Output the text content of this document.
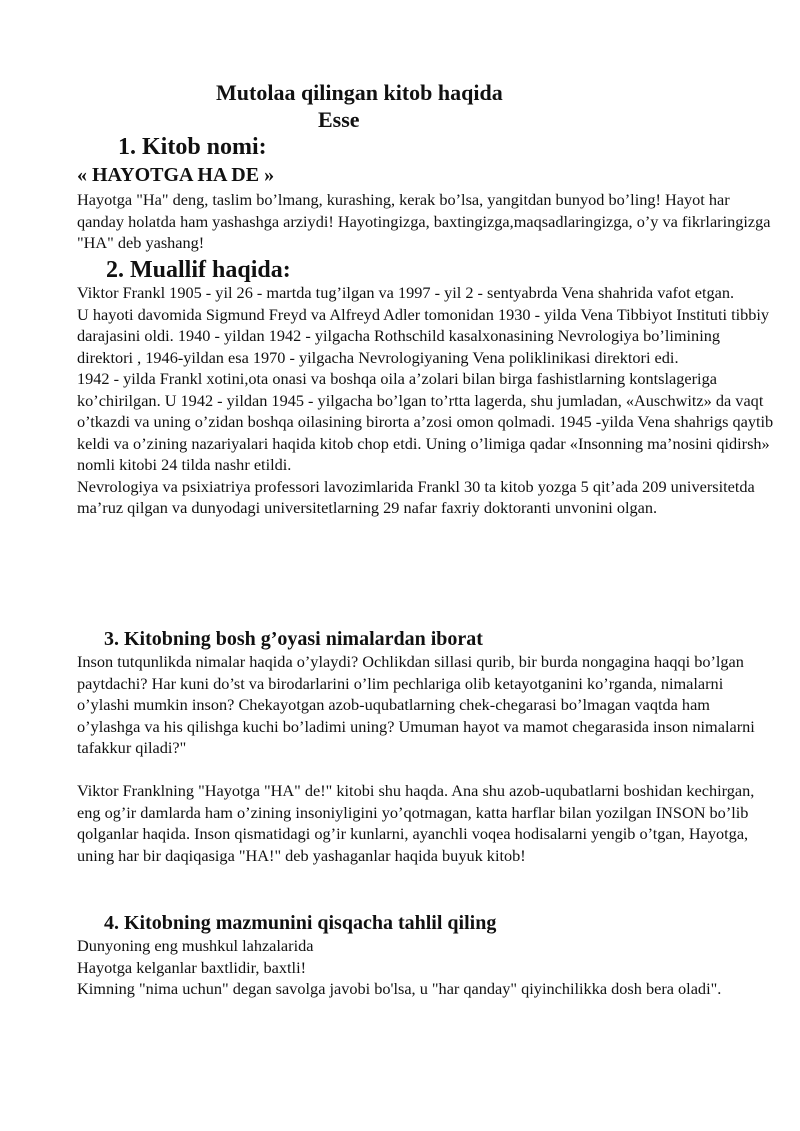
Mutolaa qilingan kitob haqida
Esse
1. Kitob nomi:
« HAYOTGA HA DE »

Hayotga "Ha" deng, taslim bo’lmang, kurashing, kerak bo’lsa, yangitdan bunyod bo’ling! Hayot har qanday holatda ham yashashga arziydi! Hayotingizga, baxtingizga,maqsadlaringizga, o’y va fikrlaringizga "HA" deb yashang!

2. Muallif haqida:

Viktor Frankl 1905 - yil 26 - martda tug’ilgan va 1997 - yil 2 - sentyabrda Vena shahrida vafot etgan.

U hayoti davomida Sigmund Freyd va Alfreyd Adler tomonidan 1930 - yilda Vena Tibbiyot Instituti tibbiy darajasini oldi. 1940 - yildan 1942 - yilgacha Rothschild kasalxonasining Nevrologiya bo’limining direktori , 1946-yildan esa 1970 - yilgacha Nevrologiyaning Vena poliklinikasi direktori edi.

1942 - yilda Frankl xotini,ota onasi va boshqa oila a’zolari bilan birga fashistlarning kontslageriga ko’chirilgan. U 1942 - yildan 1945 - yilgacha bo’lgan to’rtta lagerda, shu jumladan, «Auschwitz» da vaqt o’tkazdi va uning o’zidan boshqa oilasining birorta a’zosi omon qolmadi. 1945 -yilda Vena shahrigs qaytib keldi va o’zining nazariyalari haqida kitob chop etdi. Uning o’limiga qadar «Insonning ma’nosini qidirsh» nomli kitobi 24 tilda nashr etildi.

Nevrologiya va psixiatriya professori lavozimlarida Frankl 30 ta kitob yozga 5 qit’ada 209 universitetda ma’ruz qilgan va dunyodagi universitetlarning 29 nafar faxriy doktoranti unvonini olgan.

3. Kitobning bosh g’oyasi nimalardan iborat

Inson tutqunlikda nimalar haqida o’ylaydi? Ochlikdan sillasi qurib, bir burda nongagina haqqi bo’lgan paytdachi? Har kuni do’st va birodarlarini o’lim pechlariga olib ketayotganini ko’rganda, nimalarni o’ylashi mumkin inson? Chekayotgan azob-uqubatlarning chek-chegarasi bo’lmagan vaqtda ham o’ylashga va his qilishga kuchi bo’ladimi uning? Umuman hayot va mamot chegarasida inson nimalarni tafakkur qiladi?"

Viktor Franklning "Hayotga "HA" de!" kitobi shu haqda. Ana shu azob-uqubatlarni boshidan kechirgan, eng og’ir damlarda ham o’zining insoniyligini yo’qotmagan, katta harflar bilan yozilgan INSON bo’lib qolganlar haqida. Inson qismatidagi og’ir kunlarni, ayanchli voqea hodisalarni yengib o’tgan, Hayotga, uning har bir daqiqasiga "HA!" deb yashaganlar haqida buyuk kitob!

4. Kitobning mazmunini qisqacha tahlil qiling

Dunyoning eng mushkul lahzalarida

Hayotga kelganlar baxtlidir, baxtli!

Kimning "nima uchun" degan savolga javobi bo'lsa, u "har qanday" qiyinchilikka dosh bera oladi".
